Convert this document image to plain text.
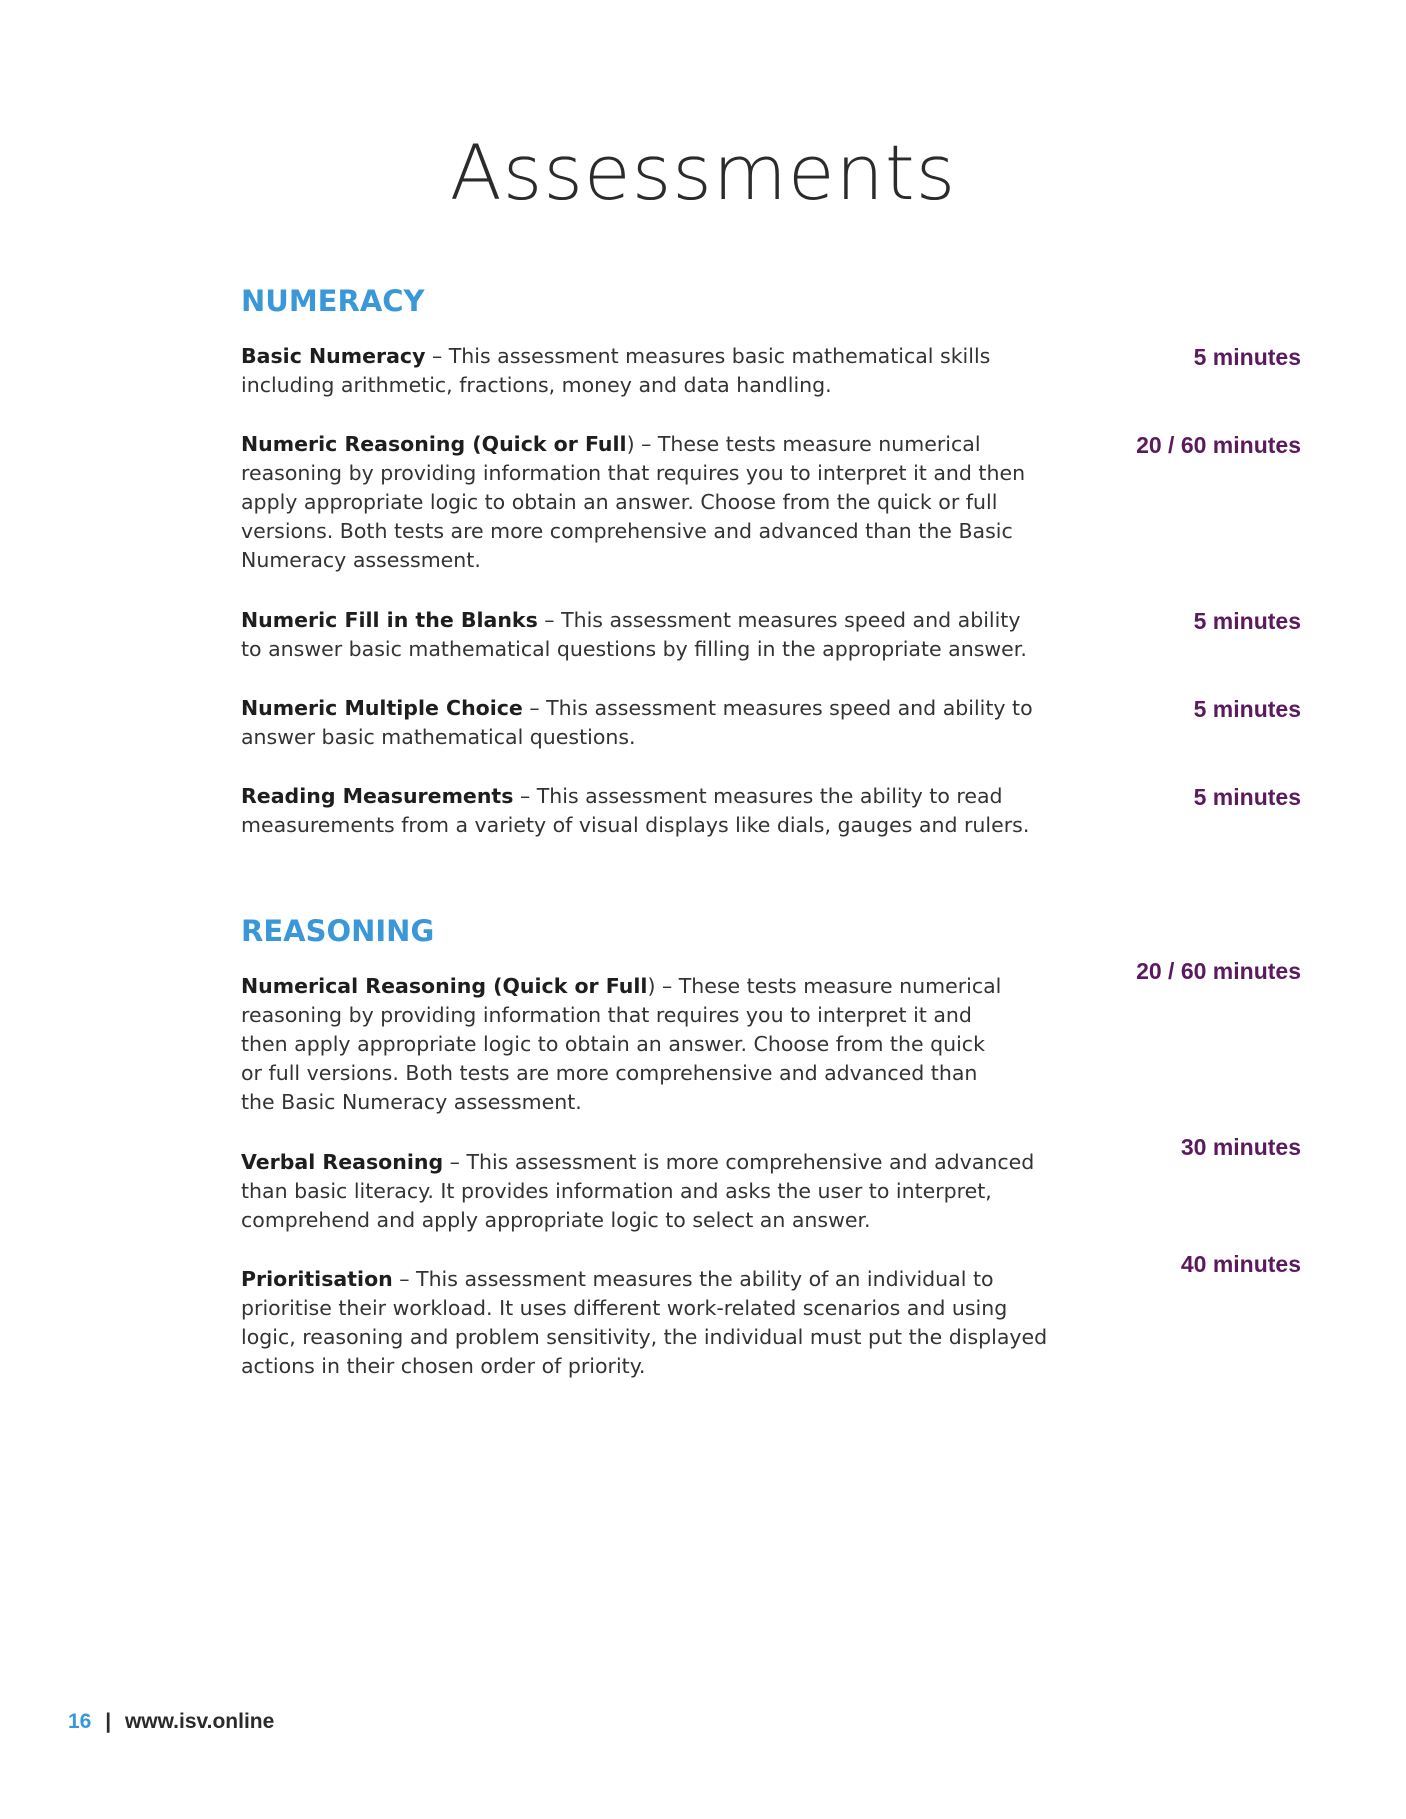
Assessments
NUMERACY

Basic Numeracy – This assessment measures basic mathematical skills including arithmetic, fractions, money and data handling.

5 minutes

Numeric Reasoning (Quick or Full) – These tests measure numerical reasoning by providing information that requires you to interpret it and then apply appropriate logic to obtain an answer. Choose from the quick or full versions. Both tests are more comprehensive and advanced than the Basic Numeracy assessment.

20 / 60 minutes

Numeric Fill in the Blanks – This assessment measures speed and ability to answer basic mathematical questions by filling in the appropriate answer.

5 minutes

Numeric Multiple Choice – This assessment measures speed and ability to answer basic mathematical questions.

5 minutes

Reading Measurements – This assessment measures the ability to read measurements from a variety of visual displays like dials, gauges and rulers.

5 minutes
REASONING

Numerical Reasoning (Quick or Full) – These tests measure numerical reasoning by providing information that requires you to interpret it and then apply appropriate logic to obtain an answer. Choose from the quick or full versions. Both tests are more comprehensive and advanced than the Basic Numeracy assessment.

20 / 60 minutes

Verbal Reasoning – This assessment is more comprehensive and advanced than basic literacy. It provides information and asks the user to interpret, comprehend and apply appropriate logic to select an answer.

30 minutes

Prioritisation – This assessment measures the ability of an individual to prioritise their workload. It uses different work-related scenarios and using logic, reasoning and problem sensitivity, the individual must put the displayed actions in their chosen order of priority.

40 minutes
16 | www.isv.online
